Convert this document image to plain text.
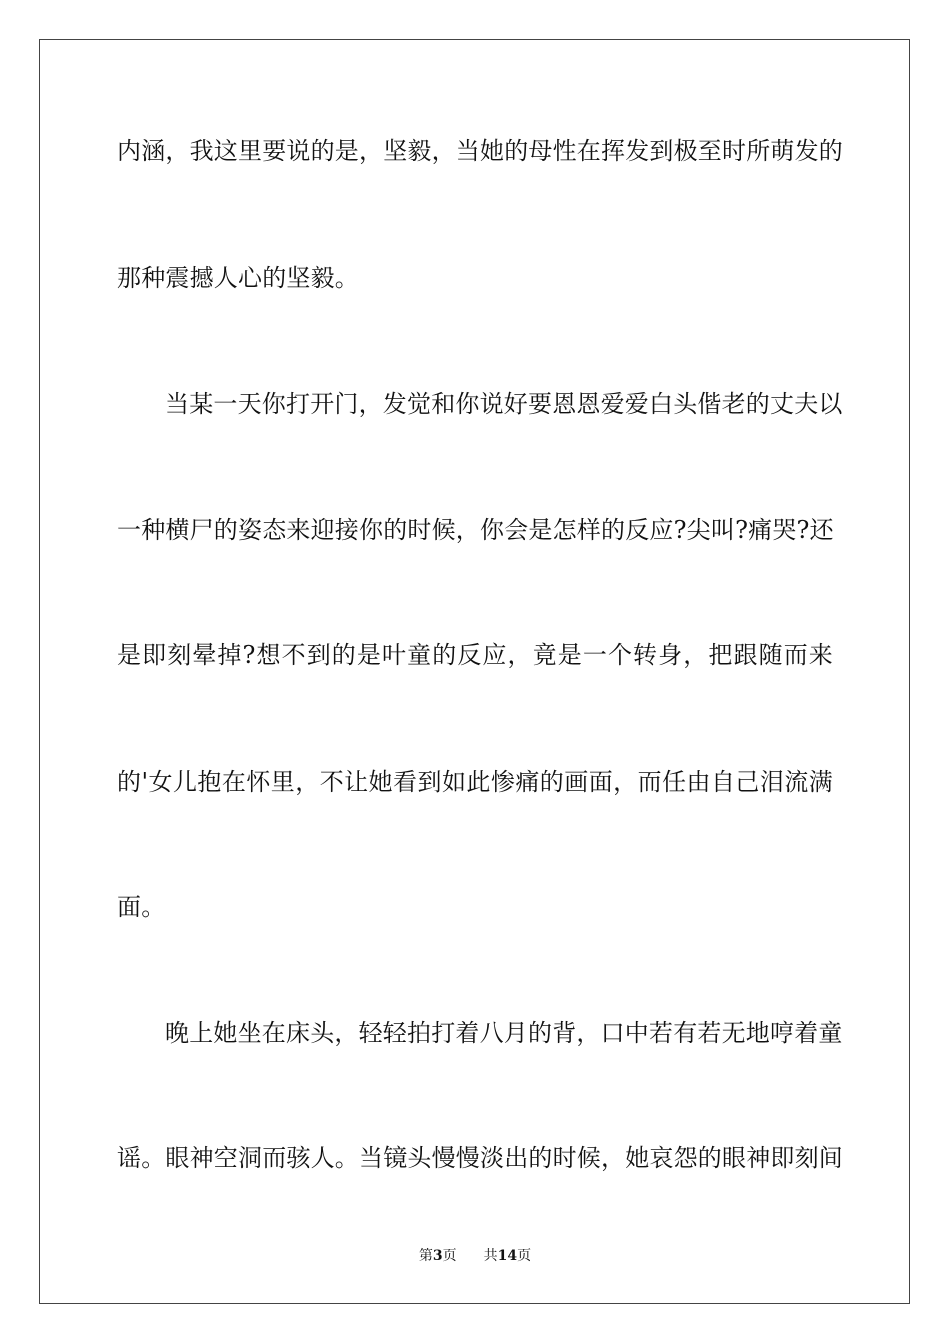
内涵，我这里要说的是，坚毅，当她的母性在挥发到极至时所萌发的
那种震撼人心的坚毅。
当某一天你打开门，发觉和你说好要恩恩爱爱白头偕老的丈夫以
一种横尸的姿态来迎接你的时候，你会是怎样的反应?尖叫?痛哭?还
是即刻晕掉?想不到的是叶童的反应，竟是一个转身，把跟随而来
的'女儿抱在怀里，不让她看到如此惨痛的画面，而任由自己泪流满
面。
晚上她坐在床头，轻轻拍打着八月的背，口中若有若无地哼着童
谣。眼神空洞而骇人。当镜头慢慢淡出的时候，她哀怨的眼神即刻间
第3页 共14页
